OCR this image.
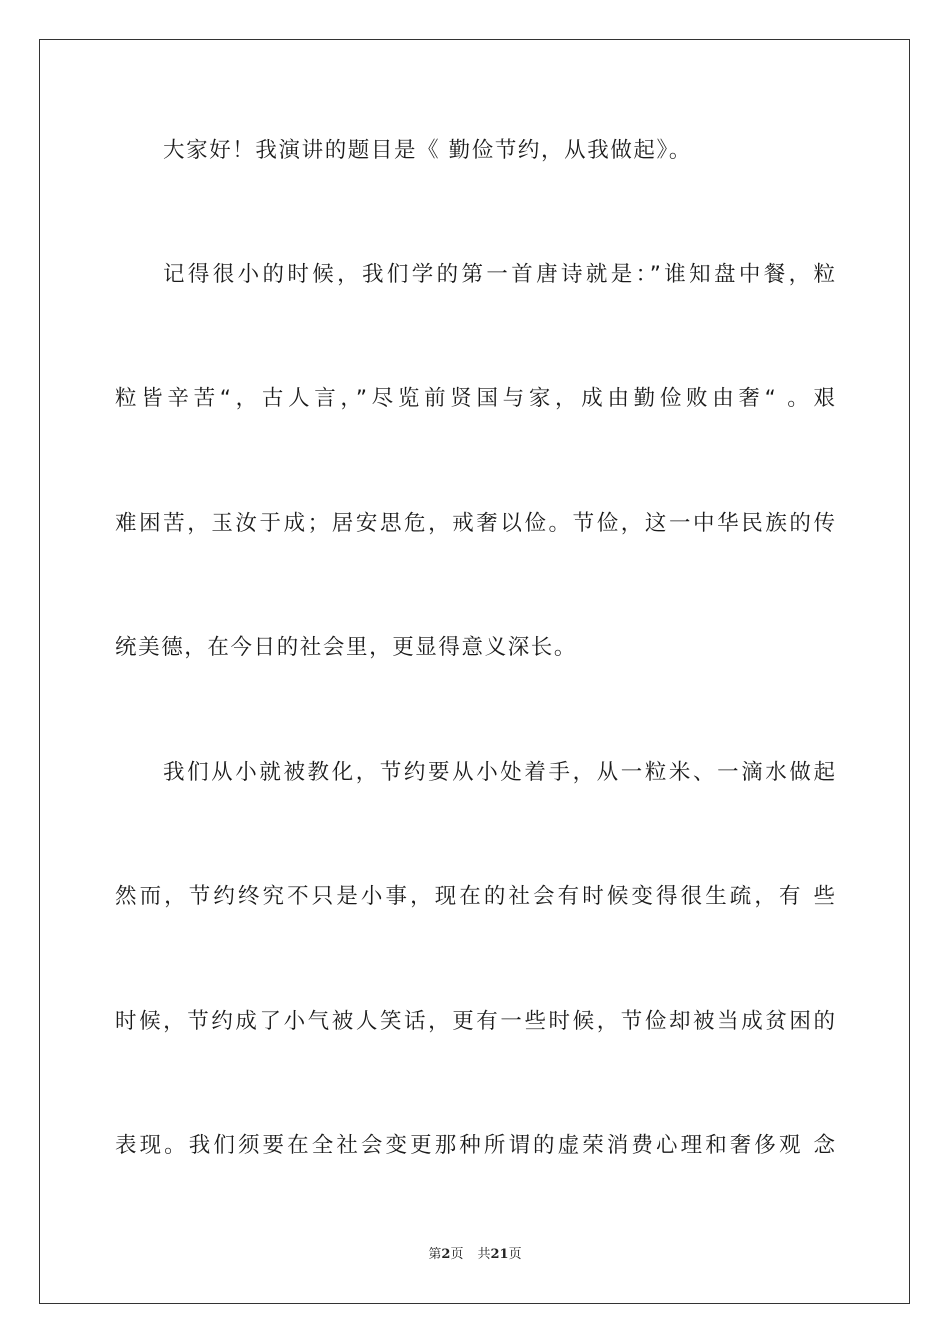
大家好！我演讲的题目是《 勤俭节约，从我做起》。
记得很小的时候，我们学的第一首唐诗就是：”谁知盘中餐，粒
粒皆辛苦“，古人言，”尽览前贤国与家，成由勤俭败由奢“ 。艰
难困苦，玉汝于成；居安思危，戒奢以俭。节俭，这一中华民族的传
统美德，在今日的社会里，更显得意义深长。
我们从小就被教化，节约要从小处着手，从一粒米、一滴水做起
然而，节约终究不只是小事，现在的社会有时候变得很生疏，有 些
时候，节约成了小气被人笑话，更有一些时候，节俭却被当成贫困的
表现。我们须要在全社会变更那种所谓的虚荣消费心理和奢侈观 念
第2页 共21页
